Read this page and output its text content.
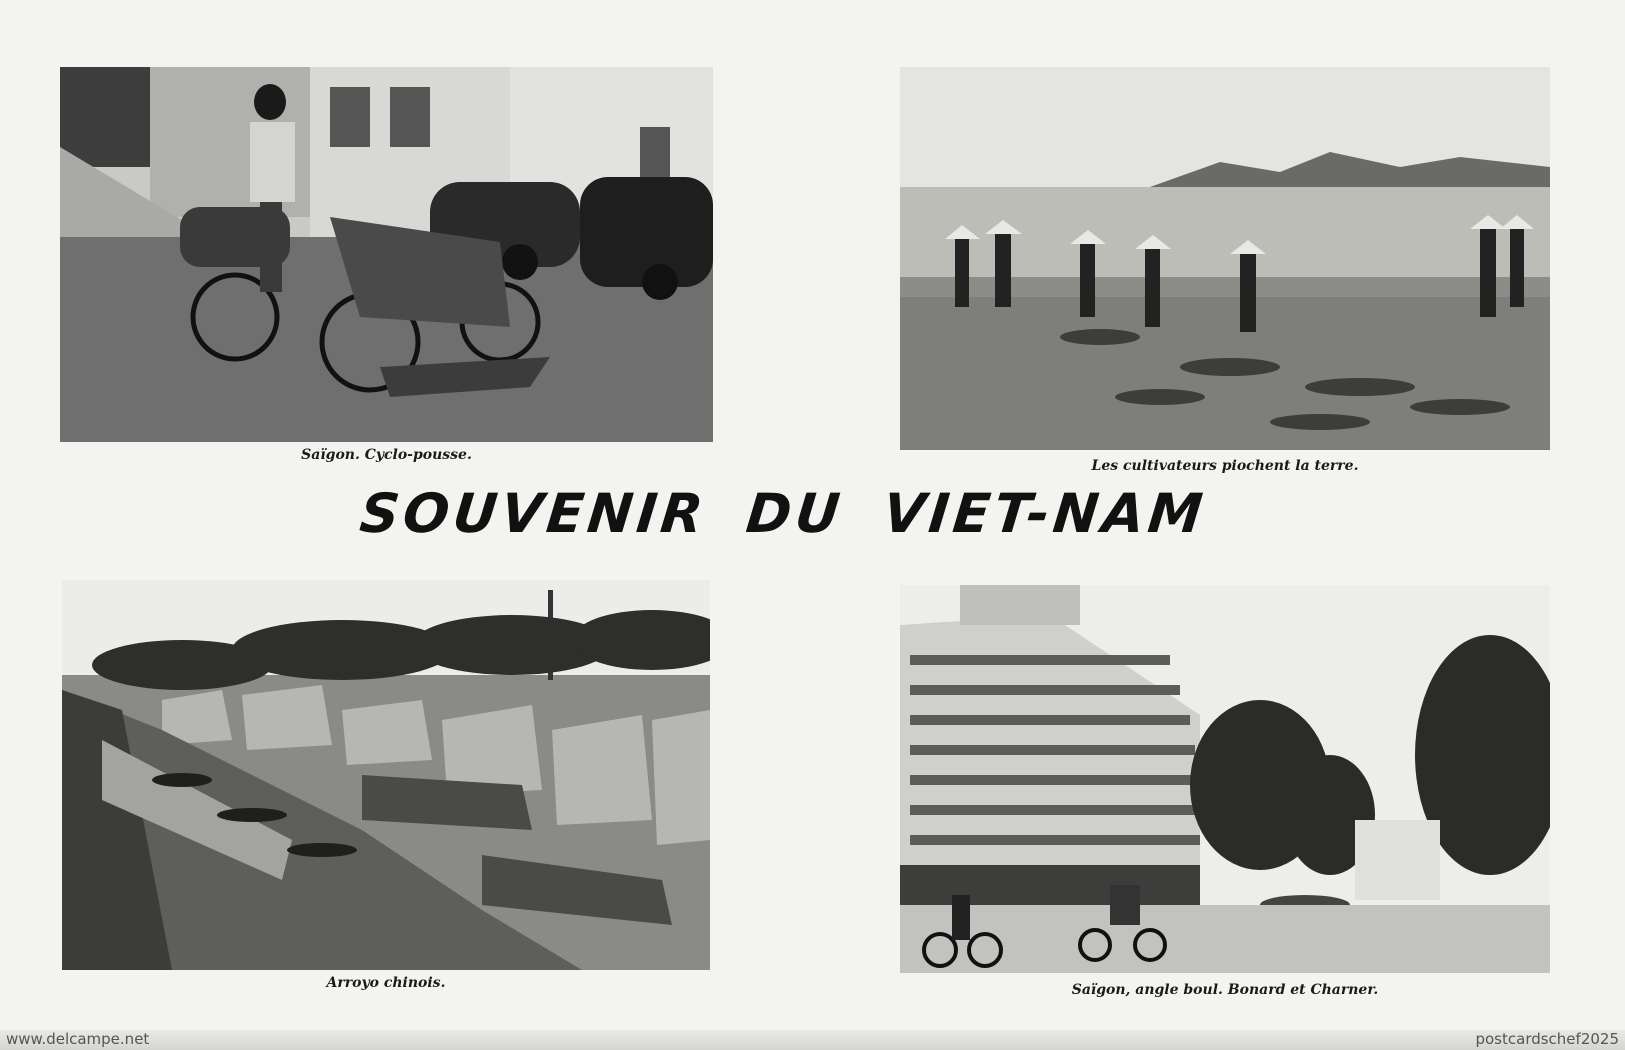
Saïgon. Cyclo-pousse.
Les cultivateurs piochent la terre.
SOUVENIR DU VIET-NAM
Arroyo chinois.	Saïgon, angle boul. Bonard et Charner.
www.delcampe.net	postcardschef2025
